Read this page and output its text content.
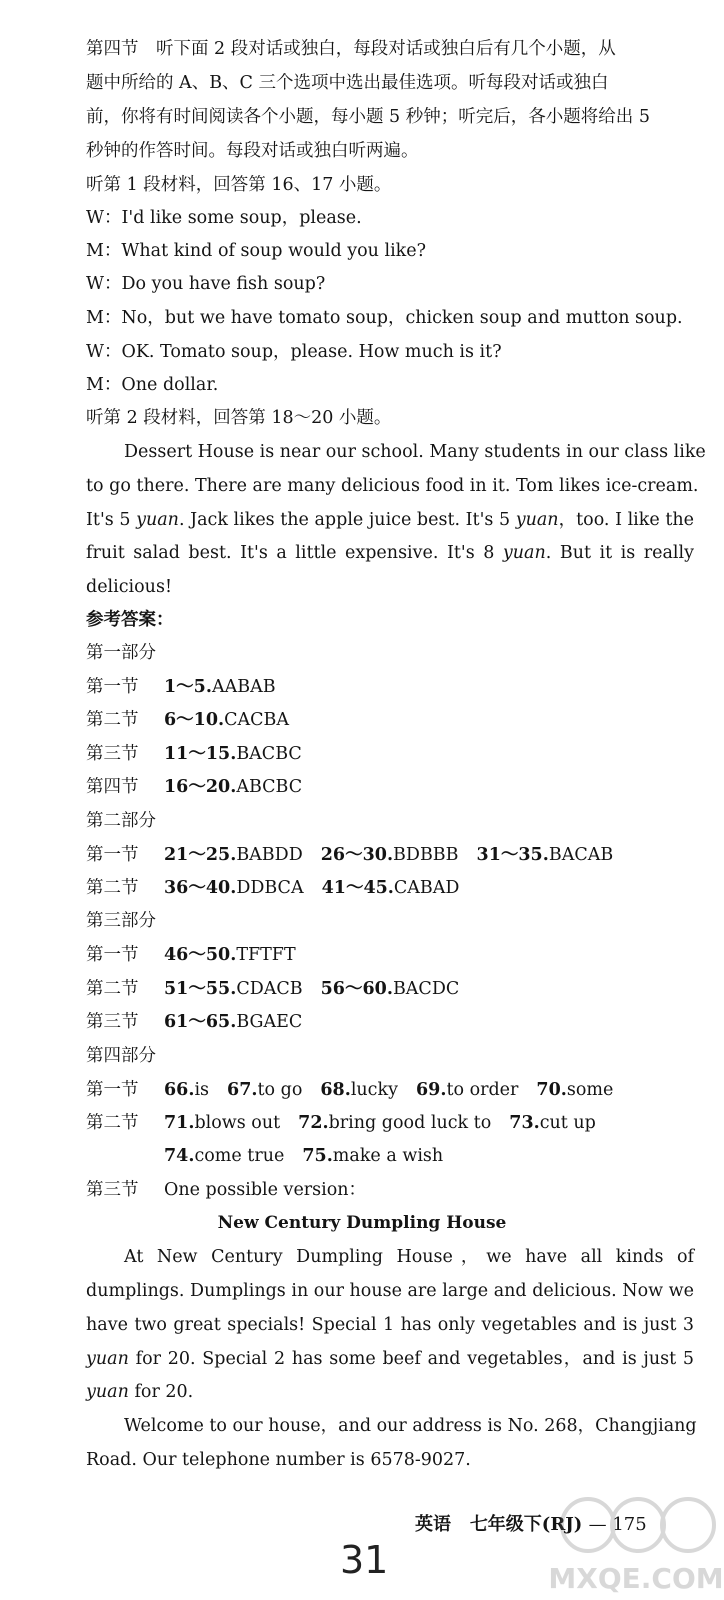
第四节　听下面 2 段对话或独白，每段对话或独白后有几个小题，从
题中所给的 A、B、C 三个选项中选出最佳选项。听每段对话或独白
前，你将有时间阅读各个小题，每小题 5 秒钟；听完后，各小题将给出 5
秒钟的作答时间。每段对话或独白听两遍。
听第 1 段材料，回答第 16、17 小题。
W：I'd like some soup，please.
M：What kind of soup would you like?
W：Do you have fish soup?
M：No，but we have tomato soup，chicken soup and mutton soup.
W：OK. Tomato soup，please. How much is it?
M：One dollar.
听第 2 段材料，回答第 18～20 小题。
Dessert House is near our school. Many students in our class like
to go there. There are many delicious food in it. Tom likes ice-cream.
It's 5 yuan. Jack likes the apple juice best. It's 5 yuan，too. I like the
fruit salad best. It's a little expensive. It's 8 yuan. But it is really
delicious!
参考答案：
第一部分
第一节 1～5.AABAB
第二节 6～10.CACBA
第三节 11～15.BACBC
第四节 16～20.ABCBC
第二部分
第一节 21～25.BABDD 26～30.BDBBB 31～35.BACAB
第二节 36～40.DDBCA 41～45.CABAD
第三部分
第一节 46～50.TFTFT
第二节 51～55.CDACB 56～60.BACDC
第三节 61～65.BGAEC
第四部分
第一节 66.is 67.to go 68.lucky 69.to order 70.some
第二节 71.blows out 72.bring good luck to 73.cut up
74.come true 75.make a wish
第三节 One possible version：
New Century Dumpling House
At New Century Dumpling House，we have all kinds of
dumplings. Dumplings in our house are large and delicious. Now we
have two great specials! Special 1 has only vegetables and is just 3
yuan for 20. Special 2 has some beef and vegetables，and is just 5
yuan for 20.
Welcome to our house，and our address is No. 268，Changjiang
Road. Our telephone number is 6578-9027.
英语 七年级下(RJ) — 175
31	MXQE.COM
